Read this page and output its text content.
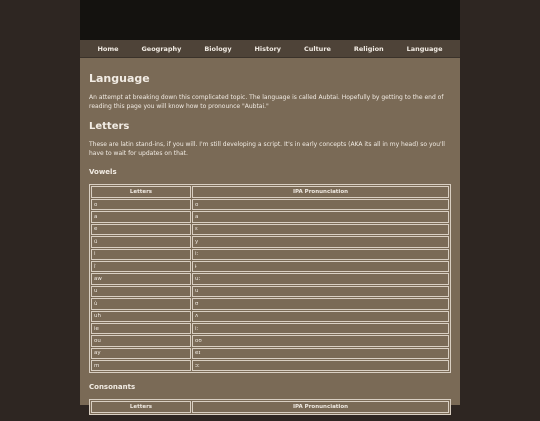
Home	Geography	Biology	History	Culture	Religion	Language
Language

An attempt at breaking down this complicated topic. The language is called Aubtai. Hopefully by getting to the end of reading this page you will know how to pronounce "Aubtai."

Letters

These are latin stand-ins, if you will. I'm still developing a script. It's in early concepts (AKA its all in my head) so you'll have to wait for updates on that.

Vowels
Letters	IPA Pronunciation
o	o
a	a
e	ɛ
ü	y
i	iː
î	ɨ
aw	uː
u	u
ù	ʊ
uh	ʌ
ie	iː
ou	oʊ
ay	eɪ
m	ɔː
Consonants
Letters	IPA Pronunciation
